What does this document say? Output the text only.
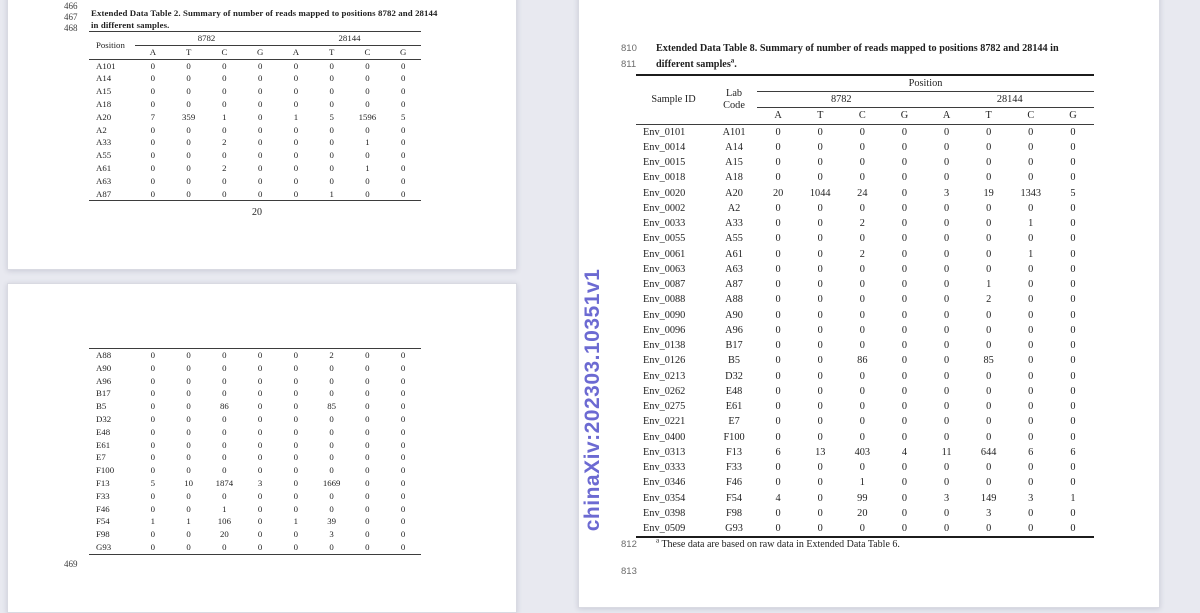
466
467
468
Extended Data Table 2. Summary of number of reads mapped to positions 8782 and 28144
in different samples.
Position	8782				28144			
	A	T	C	G	A	T	C	G
A101	0	0	0	0	0	0	0	0
A14	0	0	0	0	0	0	0	0
A15	0	0	0	0	0	0	0	0
A18	0	0	0	0	0	0	0	0
A20	7	359	1	0	1	5	1596	5
A2	0	0	0	0	0	0	0	0
A33	0	0	2	0	0	0	1	0
A55	0	0	0	0	0	0	0	0
A61	0	0	2	0	0	0	1	0
A63	0	0	0	0	0	0	0	0
A87	0	0	0	0	0	1	0	0
20
A88	0	0	0	0	0	2	0	0
A90	0	0	0	0	0	0	0	0
A96	0	0	0	0	0	0	0	0
B17	0	0	0	0	0	0	0	0
B5	0	0	86	0	0	85	0	0
D32	0	0	0	0	0	0	0	0
E48	0	0	0	0	0	0	0	0
E61	0	0	0	0	0	0	0	0
E7	0	0	0	0	0	0	0	0
F100	0	0	0	0	0	0	0	0
F13	5	10	1874	3	0	1669	0	0
F33	0	0	0	0	0	0	0	0
F46	0	0	1	0	0	0	0	0
F54	1	1	106	0	1	39	0	0
F98	0	0	20	0	0	3	0	0
G93	0	0	0	0	0	0	0	0
469
810
811
Extended Data Table 8. Summary of number of reads mapped to positions 8782 and 28144 in
different samples$^a$.
Sample ID	Lab
Code	Position							
		8782				28144			
		A	T	C	G	A	T	C	G
Env_0101	A101	0	0	0	0	0	0	0	0
Env_0014	A14	0	0	0	0	0	0	0	0
Env_0015	A15	0	0	0	0	0	0	0	0
Env_0018	A18	0	0	0	0	0	0	0	0
Env_0020	A20	20	1044	24	0	3	19	1343	5
Env_0002	A2	0	0	0	0	0	0	0	0
Env_0033	A33	0	0	2	0	0	0	1	0
Env_0055	A55	0	0	0	0	0	0	0	0
Env_0061	A61	0	0	2	0	0	0	1	0
Env_0063	A63	0	0	0	0	0	0	0	0
Env_0087	A87	0	0	0	0	0	1	0	0
Env_0088	A88	0	0	0	0	0	2	0	0
Env_0090	A90	0	0	0	0	0	0	0	0
Env_0096	A96	0	0	0	0	0	0	0	0
Env_0138	B17	0	0	0	0	0	0	0	0
Env_0126	B5	0	0	86	0	0	85	0	0
Env_0213	D32	0	0	0	0	0	0	0	0
Env_0262	E48	0	0	0	0	0	0	0	0
Env_0275	E61	0	0	0	0	0	0	0	0
Env_0221	E7	0	0	0	0	0	0	0	0
Env_0400	F100	0	0	0	0	0	0	0	0
Env_0313	F13	6	13	403	4	11	644	6	6
Env_0333	F33	0	0	0	0	0	0	0	0
Env_0346	F46	0	0	1	0	0	0	0	0
Env_0354	F54	4	0	99	0	3	149	3	1
Env_0398	F98	0	0	20	0	0	3	0	0
Env_0509	G93	0	0	0	0	0	0	0	0
812	$^a$ These data are based on raw data in Extended Data Table 6.
813
chinaXiv:202303.10351v1
